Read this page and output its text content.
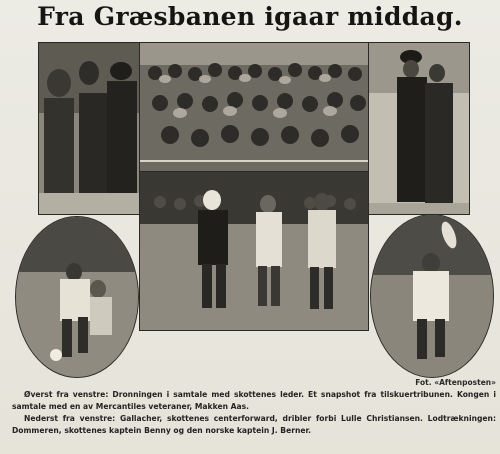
Fra Græsbanen igaar middag.
Fot. «Aftenposten»

Øverst fra venstre: Dronningen i samtale med skottenes leder. Et snapshot fra tilskuertribunen. Kongen i samtale med en av Mercantiles veteraner, Makken Aas.

Nederst fra venstre: Gallacher, skottenes centerforward, dribler forbi Lulle Christiansen. Lodtrækningen: Dommeren, skottenes kaptein Benny og den norske kaptein J. Berner.
